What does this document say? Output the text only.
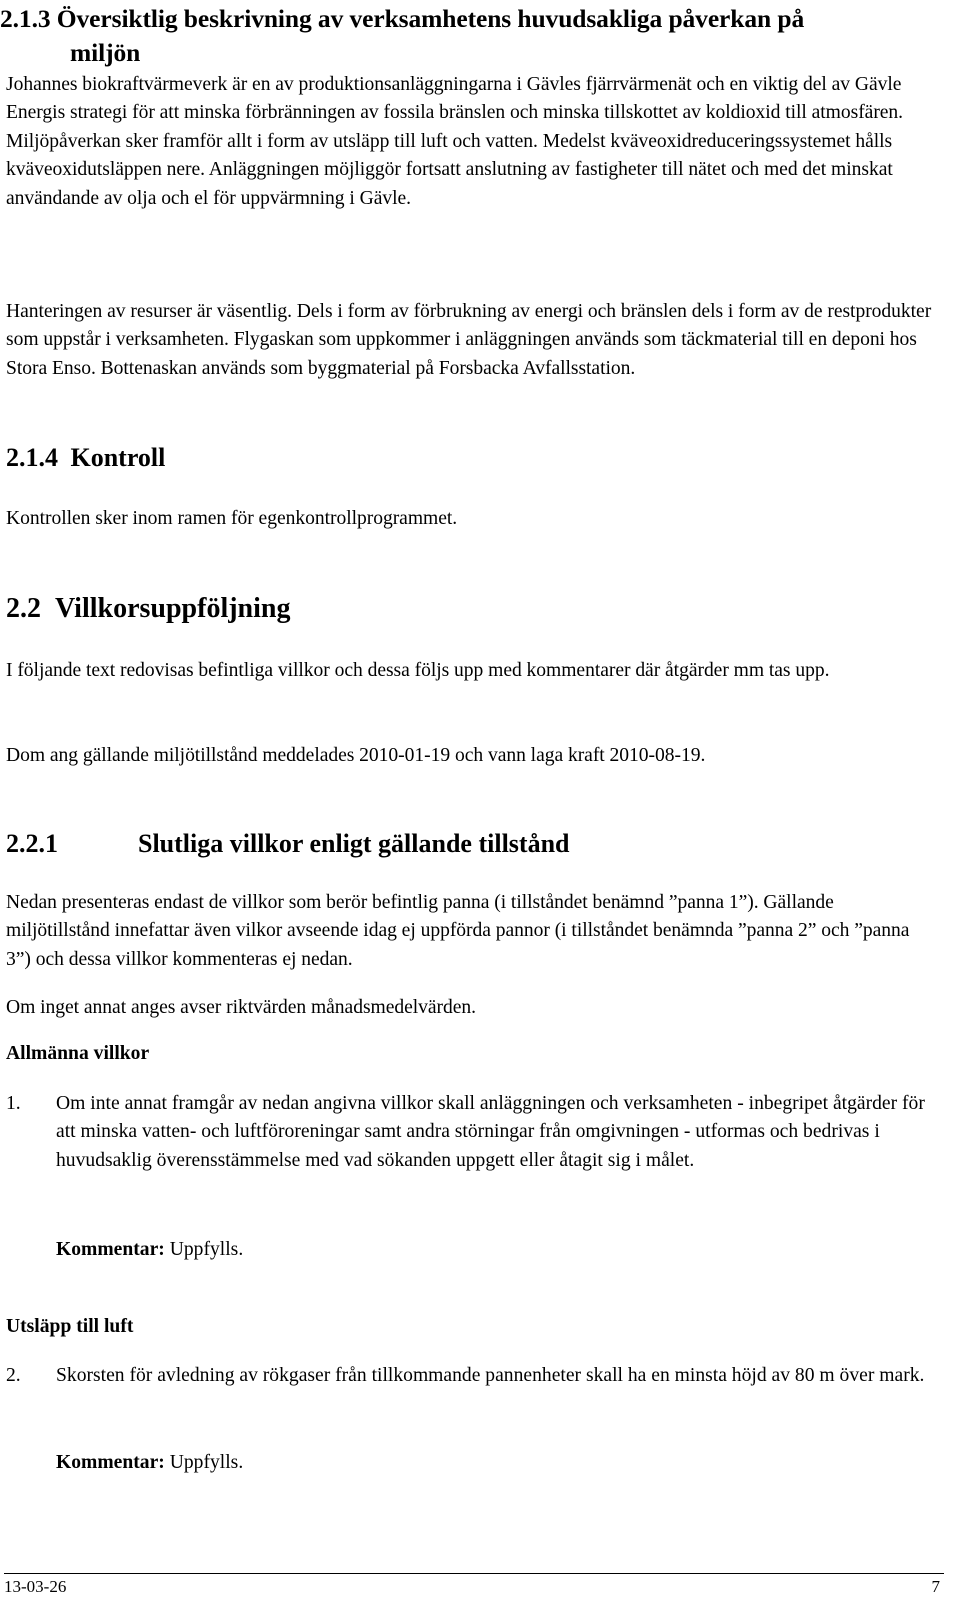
2.1.3 Översiktlig beskrivning av verksamhetens huvudsakliga påverkan på
miljön

Johannes biokraftvärmeverk är en av produktionsanläggningarna i Gävles fjärrvärmenät och en viktig del av Gävle Energis strategi för att minska förbränningen av fossila bränslen och minska tillskottet av koldioxid till atmosfären. Miljöpåverkan sker framför allt i form av utsläpp till luft och vatten. Medelst kväveoxidreduceringssystemet hålls kväveoxidutsläppen nere. Anläggningen möjliggör fortsatt anslutning av fastigheter till nätet och med det minskat användande av olja och el för uppvärmning i Gävle.

Hanteringen av resurser är väsentlig. Dels i form av förbrukning av energi och bränslen dels i form av de restprodukter som uppstår i verksamheten. Flygaskan som uppkommer i anläggningen används som täckmaterial till en deponi hos Stora Enso. Bottenaskan används som byggmaterial på Forsbacka Avfallsstation.

2.1.4 Kontroll

Kontrollen sker inom ramen för egenkontrollprogrammet.

2.2 Villkorsuppföljning

I följande text redovisas befintliga villkor och dessa följs upp med kommentarer där åtgärder mm tas upp.

Dom ang gällande miljötillstånd meddelades 2010-01-19 och vann laga kraft 2010-08-19.

2.2.1	Slutliga villkor enligt gällande tillstånd

Nedan presenteras endast de villkor som berör befintlig panna (i tillståndet benämnd ”panna 1”). Gällande miljötillstånd innefattar även vilkor avseende idag ej uppförda pannor (i tillståndet benämnda ”panna 2” och ”panna 3”) och dessa villkor kommenteras ej nedan.

Om inget annat anges avser riktvärden månadsmedelvärden.

Allmänna villkor
1. Om inte annat framgår av nedan angivna villkor skall anläggningen och verksamheten - inbegripet åtgärder för att minska vatten- och luftföroreningar samt andra störningar från omgivningen - utformas och bedrivas i huvudsaklig överensstämmelse med vad sökanden uppgett eller åtagit sig i målet.

Kommentar: Uppfylls.

Utsläpp till luft
2. Skorsten för avledning av rökgaser från tillkommande pannenheter skall ha en minsta höjd av 80 m över mark.

Kommentar: Uppfylls.

13-03-26	7
